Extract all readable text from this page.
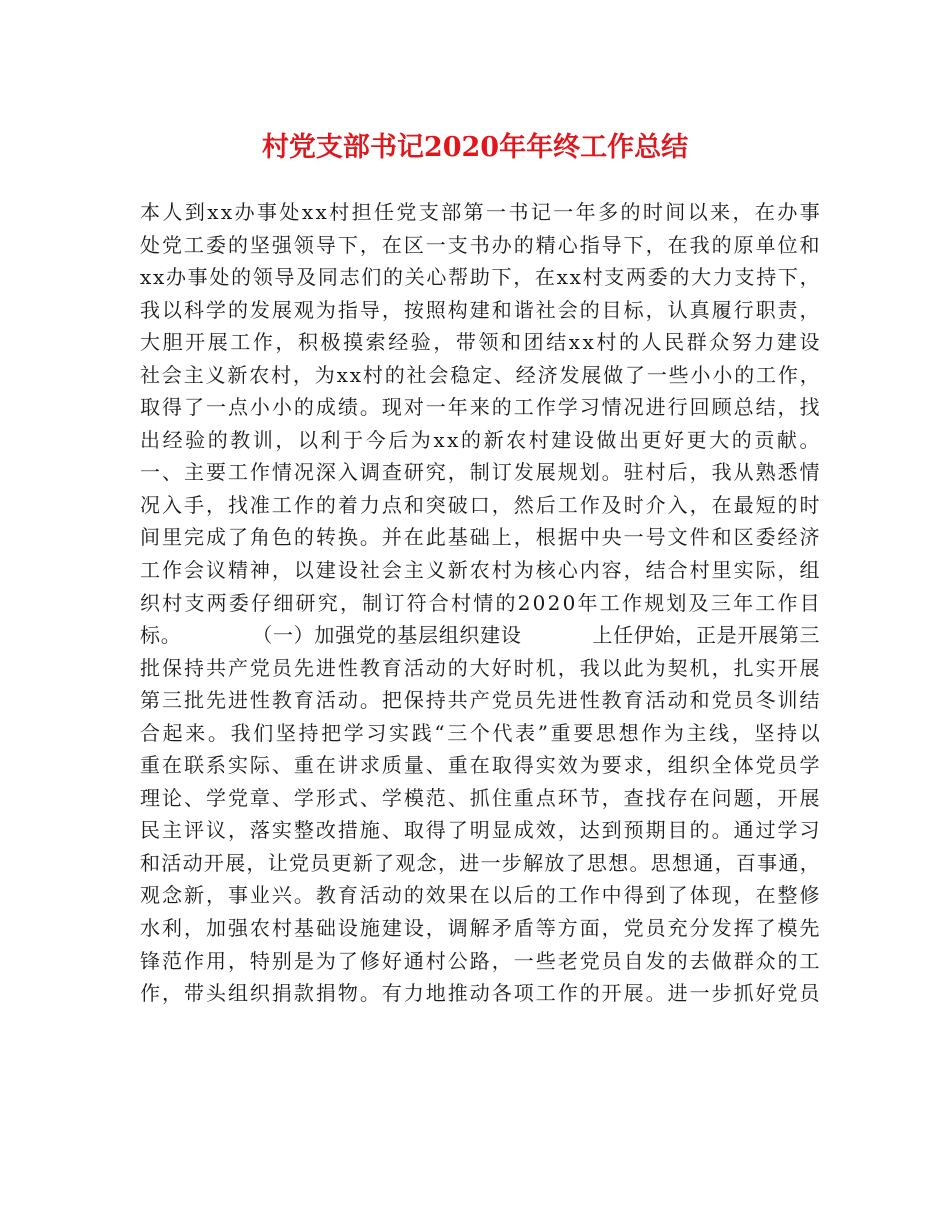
村党支部书记2020年年终工作总结
本 人 到 x x 办 事 处 x x 村 担 任 党 支 部 第 一 书 记 一 年 多 的 时 间 以 来 ， 在 办 事
处 党 工 委 的 坚 强 领 导 下 ， 在 区 一 支 书 办 的 精 心 指 导 下 ， 在 我 的 原 单 位 和
x x 办 事 处 的 领 导 及 同 志 们 的 关 心 帮 助 下 ， 在 x x 村 支 两 委 的 大 力 支 持 下 ，
我 以 科 学 的 发 展 观 为 指 导 ， 按 照 构 建 和 谐 社 会 的 目 标 ， 认 真 履 行 职 责 ，
大 胆 开 展 工 作 ， 积 极 摸 索 经 验 ， 带 领 和 团 结 x x 村 的 人 民 群 众 努 力 建 设
社 会 主 义 新 农 村 ， 为 x x 村 的 社 会 稳 定 、 经 济 发 展 做 了 一 些 小 小 的 工 作 ，
取 得 了 一 点 小 小 的 成 绩 。 现 对 一 年 来 的 工 作 学 习 情 况 进 行 回 顾 总 结 ， 找
出 经 验 的 教 训 ， 以 利 于 今 后 为 x x 的 新 农 村 建 设 做 出 更 好 更 大 的 贡 献 。
一 、 主 要 工 作 情 况 深 入 调 查 研 究 ， 制 订 发 展 规 划 。 驻 村 后 ， 我 从 熟 悉 情
况 入 手 ， 找 准 工 作 的 着 力 点 和 突 破 口 ， 然 后 工 作 及 时 介 入 ， 在 最 短 的 时
间 里 完 成 了 角 色 的 转 换 。 并 在 此 基 础 上 ， 根 据 中 央 一 号 文 件 和 区 委 经 济
工 作 会 议 精 神 ， 以 建 设 社 会 主 义 新 农 村 为 核 心 内 容 ， 结 合 村 里 实 际 ， 组
织 村 支 两 委 仔 细 研 究 ， 制 订 符 合 村 情 的 2 0 2 0 年 工 作 规 划 及 三 年 工 作 目
标 。

	（ 一 ） 加 强 党 的 基 层 组 织 建 设

	上 任 伊 始 ， 正 是 开 展 第 三
批 保 持 共 产 党 员 先 进 性 教 育 活 动 的 大 好 时 机 ， 我 以 此 为 契 机 ， 扎 实 开 展
第 三 批 先 进 性 教 育 活 动 。 把 保 持 共 产 党 员 先 进 性 教 育 活 动 和 党 员 冬 训 结
合 起 来 。 我 们 坚 持 把 学 习 实 践 “ 三 个 代 表 ” 重 要 思 想 作 为 主 线 ， 坚 持 以
重 在 联 系 实 际 、 重 在 讲 求 质 量 、 重 在 取 得 实 效 为 要 求 ， 组 织 全 体 党 员 学
理 论 、 学 党 章 、 学 形 式 、 学 模 范 、 抓 住 重 点 环 节 ， 查 找 存 在 问 题 ， 开 展
民 主 评 议 ， 落 实 整 改 措 施 、 取 得 了 明 显 成 效 ， 达 到 预 期 目 的 。 通 过 学 习
和 活 动 开 展 ， 让 党 员 更 新 了 观 念 ， 进 一 步 解 放 了 思 想 。 思 想 通 ， 百 事 通 ，
观 念 新 ， 事 业 兴 。 教 育 活 动 的 效 果 在 以 后 的 工 作 中 得 到 了 体 现 ， 在 整 修
水 利 ， 加 强 农 村 基 础 设 施 建 设 ， 调 解 矛 盾 等 方 面 ， 党 员 充 分 发 挥 了 模 先
锋 范 作 用 ， 特 别 是 为 了 修 好 通 村 公 路 ， 一 些 老 党 员 自 发 的 去 做 群 众 的 工
作 ， 带 头 组 织 捐 款 捐 物 。 有 力 地 推 动 各 项 工 作 的 开 展 。 进 一 步 抓 好 党 员
